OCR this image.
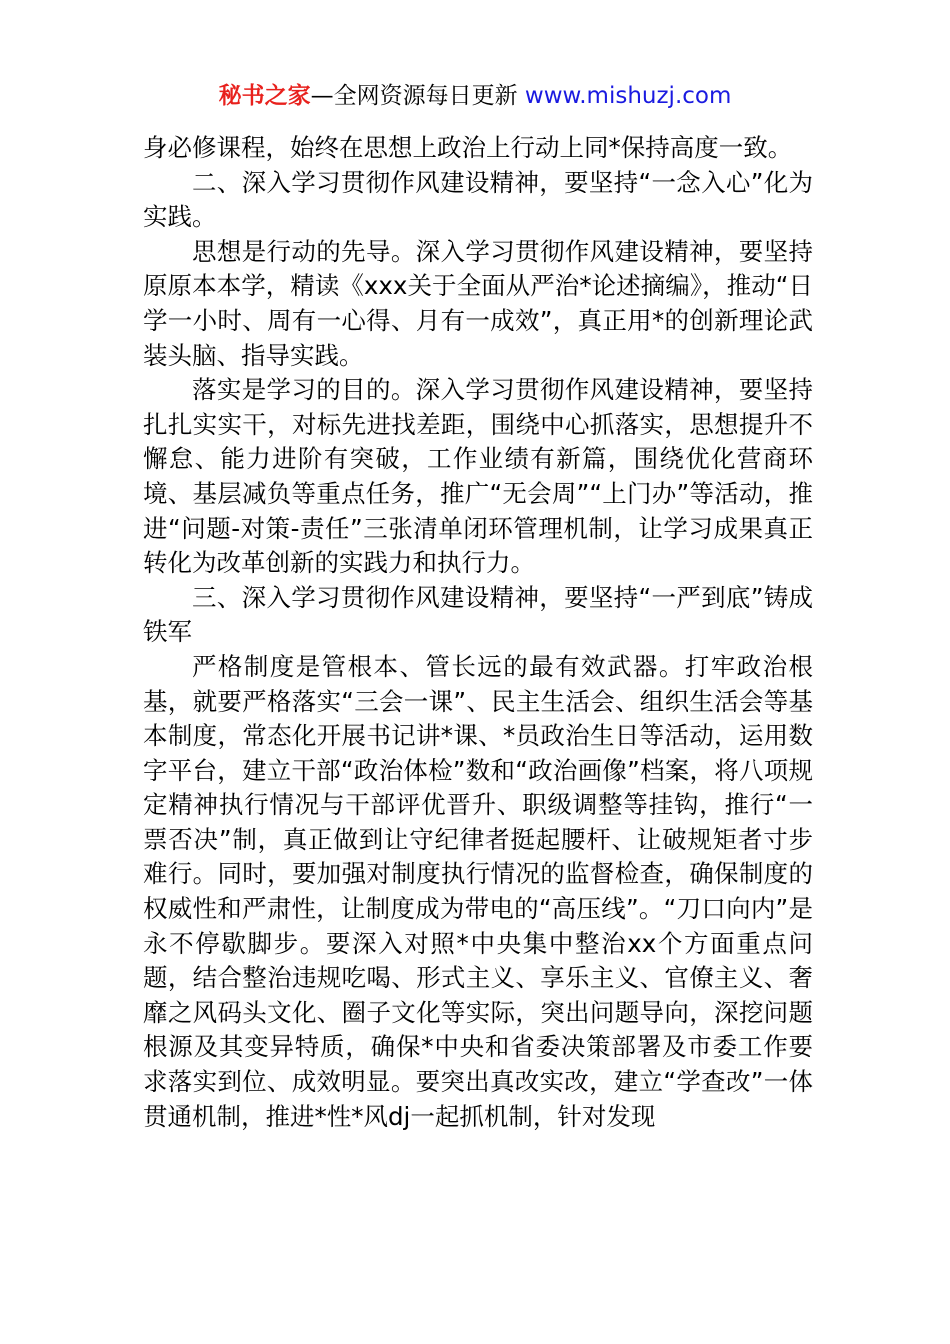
秘书之家—全网资源每日更新 www.mishuzj.com

身必修课程，始终在思想上政治上行动上同*保持高度一致。

二、深入学习贯彻作风建设精神，要坚持“一念入心”化为实践。

思想是行动的先导。深入学习贯彻作风建设精神，要坚持原原本本学，精读《xxx关于全面从严治*论述摘编》，推动“日学一小时、周有一心得、月有一成效”，真正用*的创新理论武装头脑、指导实践。

落实是学习的目的。深入学习贯彻作风建设精神，要坚持扎扎实实干，对标先进找差距，围绕中心抓落实，思想提升不懈怠、能力进阶有突破，工作业绩有新篇，围绕优化营商环境、基层减负等重点任务，推广“无会周”“上门办”等活动，推进“问题-对策-责任”三张清单闭环管理机制，让学习成果真正转化为改革创新的实践力和执行力。

三、深入学习贯彻作风建设精神，要坚持“一严到底”铸成铁军

严格制度是管根本、管长远的最有效武器。打牢政治根基，就要严格落实“三会一课”、民主生活会、组织生活会等基本制度，常态化开展书记讲*课、*员政治生日等活动，运用数字平台，建立干部“政治体检”数和“政治画像”档案，将八项规定精神执行情况与干部评优晋升、职级调整等挂钩，推行“一票否决”制，真正做到让守纪律者挺起腰杆、让破规矩者寸步难行。同时，要加强对制度执行情况的监督检查，确保制度的权威性和严肃性，让制度成为带电的“高压线”。“刀口向内”是永不停歇脚步。要深入对照*中央集中整治xx个方面重点问题，结合整治违规吃喝、形式主义、享乐主义、官僚主义、奢靡之风码头文化、圈子文化等实际，突出问题导向，深挖问题根源及其变异特质，确保*中央和省委决策部署及市委工作要求落实到位、成效明显。要突出真改实改，建立“学查改”一体贯通机制，推进*性*风dj一起抓机制，针对发现
